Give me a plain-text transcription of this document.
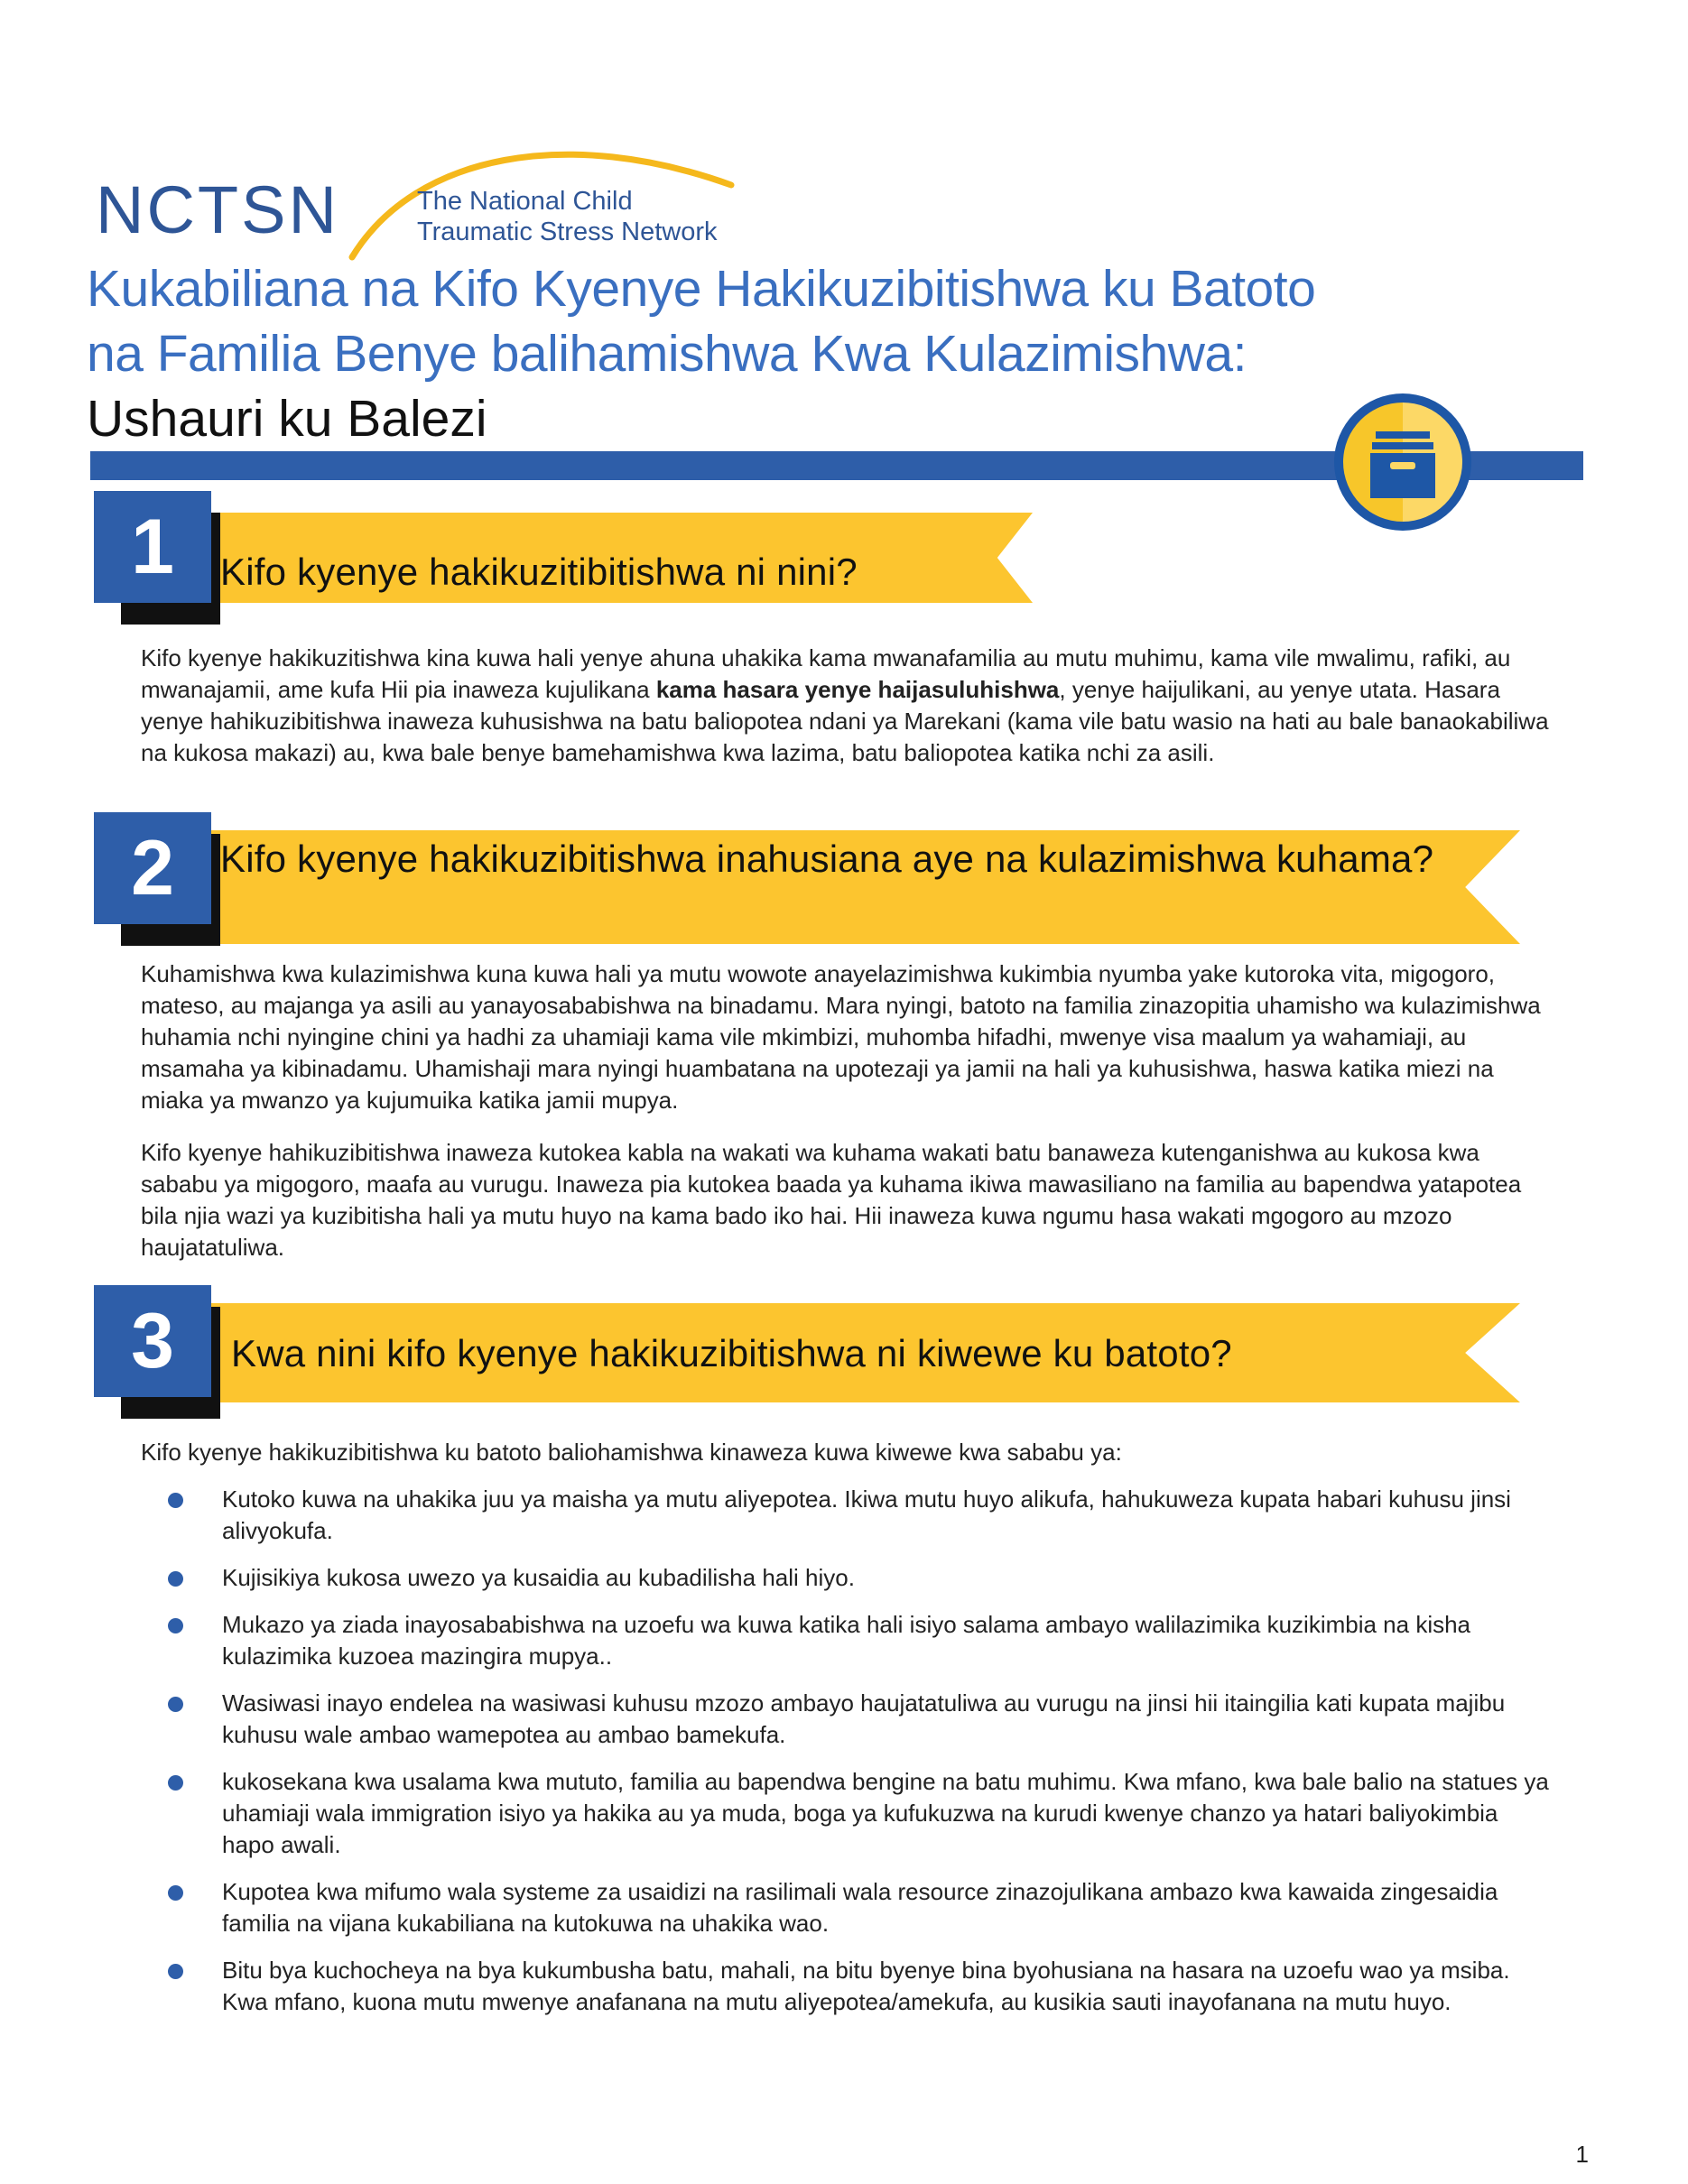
NCTSN	The National Child
Traumatic Stress Network

Kukabiliana na Kifo Kyenye Hakikuzibitishwa ku Batoto

na Familia Benye balihamishwa Kwa Kulazimishwa:

Ushauri ku Balezi

1	Kifo kyenye hakikuzitibitishwa ni nini?

Kifo kyenye hakikuzitishwa kina kuwa hali yenye ahuna uhakika kama mwanafamilia au mutu muhimu, kama vile mwalimu, rafiki, au mwanajamii, ame kufa Hii pia inaweza kujulikana kama hasara yenye haijasuluhishwa, yenye haijulikani, au yenye utata. Hasara yenye hahikuzibitishwa inaweza kuhusishwa na batu baliopotea ndani ya Marekani (kama vile batu wasio na hati au bale banaokabiliwa na kukosa makazi) au, kwa bale benye bamehamishwa kwa lazima, batu baliopotea katika nchi za asili.

2	Kifo kyenye hakikuzibitishwa inahusiana aye na kulazimishwa kuhama?

Kuhamishwa kwa kulazimishwa kuna kuwa hali ya mutu wowote anayelazimishwa kukimbia nyumba yake kutoroka vita, migogoro, mateso, au majanga ya asili au yanayosababishwa na binadamu. Mara nyingi, batoto na familia zinazopitia uhamisho wa kulazimishwa huhamia nchi nyingine chini ya hadhi za uhamiaji kama vile mkimbizi, muhomba hifadhi, mwenye visa maalum ya wahamiaji, au msamaha ya kibinadamu. Uhamishaji mara nyingi huambatana na upotezaji ya jamii na hali ya kuhusishwa, haswa katika miezi na miaka ya mwanzo ya kujumuika katika jamii mupya.

Kifo kyenye hahikuzibitishwa inaweza kutokea kabla na wakati wa kuhama wakati batu banaweza kutenganishwa au kukosa kwa sababu ya migogoro, maafa au vurugu. Inaweza pia kutokea baada ya kuhama ikiwa mawasiliano na familia au bapendwa yatapotea bila njia wazi ya kuzibitisha hali ya mutu huyo na kama bado iko hai. Hii inaweza kuwa ngumu hasa wakati mgogoro au mzozo haujatatuliwa.

3	Kwa nini kifo kyenye hakikuzibitishwa ni kiwewe ku batoto?

Kifo kyenye hakikuzibitishwa ku batoto baliohamishwa kinaweza kuwa kiwewe kwa sababu ya:

Kutoko kuwa na uhakika juu ya maisha ya mutu aliyepotea. Ikiwa mutu huyo alikufa, hahukuweza kupata habari kuhusu jinsi alivyokufa.
Kujisikiya kukosa uwezo ya kusaidia au kubadilisha hali hiyo.
Mukazo ya ziada inayosababishwa na uzoefu wa kuwa katika hali isiyo salama ambayo walilazimika kuzikimbia na kisha kulazimika kuzoea mazingira mupya..
Wasiwasi inayo endelea na wasiwasi kuhusu mzozo ambayo haujatatuliwa au vurugu na jinsi hii itaingilia kati kupata majibu kuhusu wale ambao wamepotea au ambao bamekufa.
kukosekana kwa usalama kwa mututo, familia au bapendwa bengine na batu muhimu. Kwa mfano, kwa bale balio na statues ya uhamiaji wala immigration isiyo ya hakika au ya muda, boga ya kufukuzwa na kurudi kwenye chanzo ya hatari baliyokimbia hapo awali.
Kupotea kwa mifumo wala systeme za usaidizi na rasilimali wala resource zinazojulikana ambazo kwa kawaida zingesaidia familia na vijana kukabiliana na kutokuwa na uhakika wao.
Bitu bya kuchocheya na bya kukumbusha batu, mahali, na bitu byenye bina byohusiana na hasara na uzoefu wao ya msiba. Kwa mfano, kuona mutu mwenye anafanana na mutu aliyepotea/amekufa, au kusikia sauti inayofanana na mutu huyo.
1
